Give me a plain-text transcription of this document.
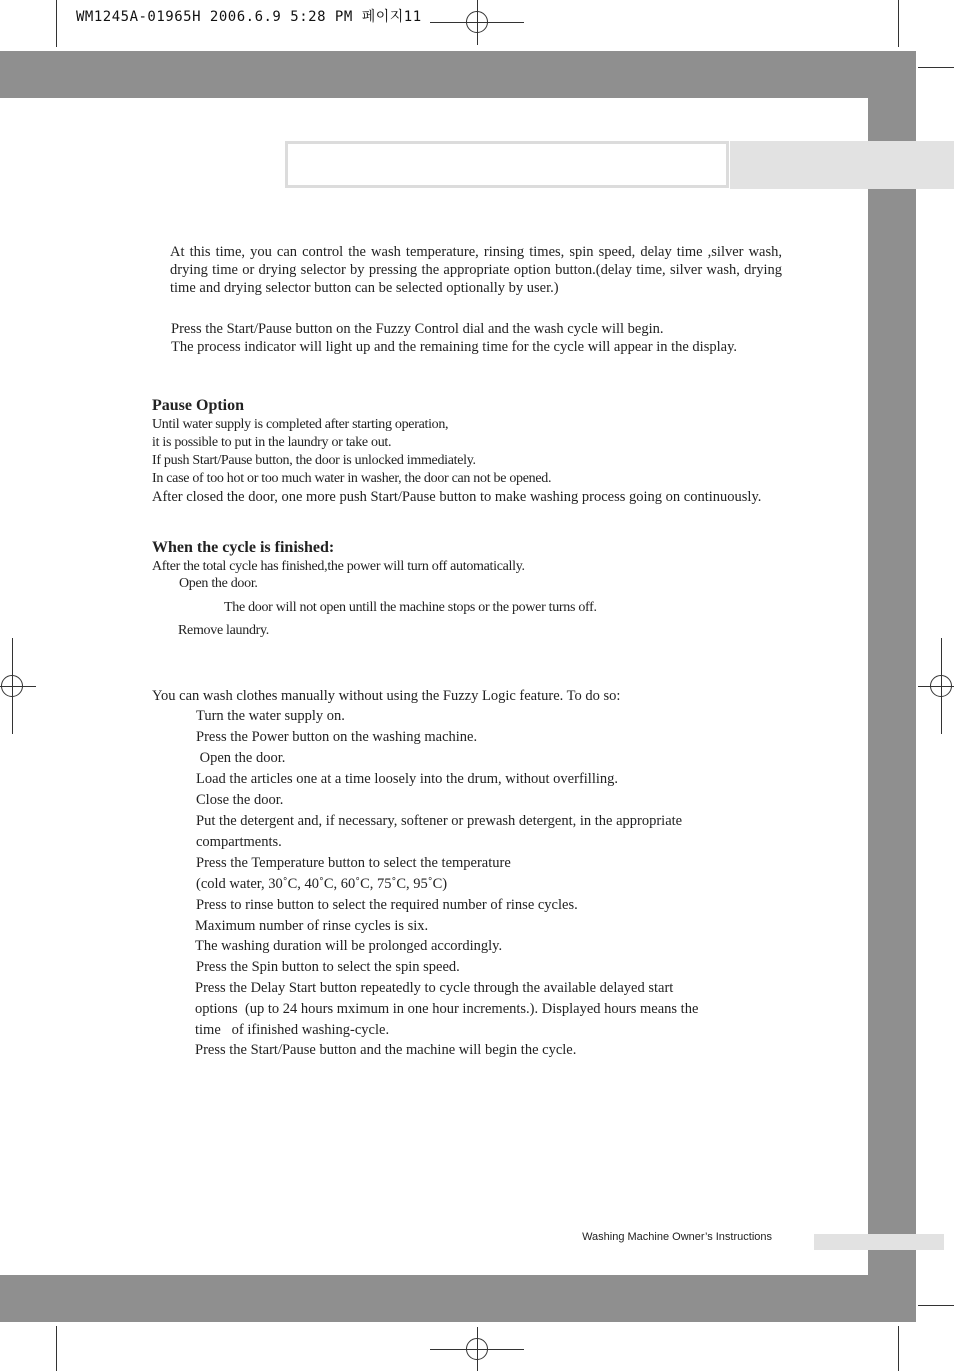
WM1245A-01965H 2006.6.9 5:28 PM 페이지11

At this time, you can control the wash temperature, rinsing times, spin speed, delay time ,silver wash, drying time or drying selector by pressing the appropriate option button.(delay time, silver wash, drying time and drying selector button can be selected optionally by user.)

Press the Start/Pause button on the Fuzzy Control dial and the wash cycle will begin.

The process indicator will light up and the remaining time for the cycle will appear in the display.

Pause Option

Until water supply is completed after starting operation,

it is possible to put in the laundry or take out.

If push Start/Pause button, the door is unlocked immediately.

In case of too hot or too much water in washer, the door can not be opened.

After closed the door, one more push Start/Pause button to make washing process going on continuously.

When the cycle is finished:

After the total cycle has finished,the power will turn off automatically.

Open the door.
The door will not open untill the machine stops or the power turns off.
Remove laundry.
You can wash clothes manually without using the Fuzzy Logic feature. To do so:
Turn the water supply on.
Press the Power button on the washing machine.
Open the door.
Load the articles one at a time loosely into the drum, without overfilling.
Close the door.
Put the detergent and, if necessary, softener or prewash detergent, in the appropriate
compartments.
Press the Temperature button to select the temperature
(cold water, 30˚C, 40˚C, 60˚C, 75˚C, 95˚C)
Press to rinse button to select the required number of rinse cycles.
Maximum number of rinse cycles is six.
The washing duration will be prolonged accordingly.
Press the Spin button to select the spin speed.
Press the Delay Start button repeatedly to cycle through the available delayed start
options  (up to 24 hours mximum in one hour increments.). Displayed hours means the
time   of ifinished washing-cycle.
Press the Start/Pause button and the machine will begin the cycle.
Washing Machine Owner’s Instructions
